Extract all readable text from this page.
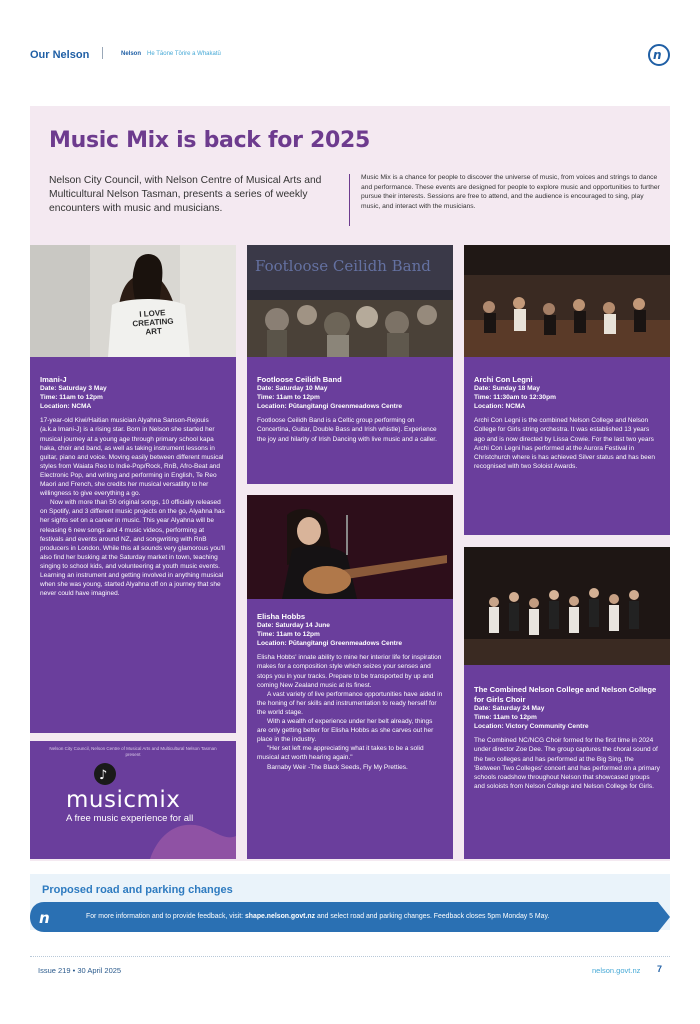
Our Nelson	Nelson He Tāone Tōrire a Whakatū	n
Music Mix is back for 2025

Nelson City Council, with Nelson Centre of Musical Arts and Multicultural Nelson Tasman, presents a series of weekly encounters with music and musicians.

Music Mix is a chance for people to discover the universe of music, from voices and strings to dance and performance. These events are designed for people to explore music and opportunities to further pursue their interests. Sessions are free to attend, and the audience is encouraged to sing, play music, and interact with the musicians.

I LOVE
CREATING
ART
Imani-J
Date: Saturday 3 May
Time: 11am to 12pm
Location: NCMA

17-year-old Kiwi/Haitian musician Alyahna Sanson-Rejouis (a.k.a Imani-J) is a rising star. Born in Nelson she started her musical journey at a young age through primary school kapa haka, choir and band, as well as taking instrument lessons in guitar, piano and voice. Moving easily between different musical styles from Waiata Reo to Indie-Pop/Rock, RnB, Afro-Beat and Electronic Pop, and writing and performing in English, Te Reo Maori and French, she credits her musical versatility to her willingness to give everything a go.

Now with more than 50 original songs, 10 officially released on Spotify, and 3 different music projects on the go, Alyahna has her sights set on a career in music. This year Alyahna will be releasing 6 new songs and 4 music videos, performing at festivals and events around NZ, and songwriting with RnB producers in London. While this all sounds very glamorous you'll also find her busking at the Saturday market in town, teaching singing to school kids, and volunteering at youth music events. Learning an instrument and getting involved in anything musical when she was young, started Alyahna off on a journey that she never could have imagined.

Footloose Ceilidh Band
Footloose Ceilidh Band
Date: Saturday 10 May
Time: 11am to 12pm
Location: Pūtangitangi Greenmeadows Centre
Footloose Ceilidh Band is a Celtic group performing on Concertina, Guitar, Double Bass and Irish whistle). Experience the joy and hilarity of Irish Dancing with live music and a caller.
Archi Con Legni
Date: Sunday 18 May
Time: 11:30am to 12:30pm
Location: NCMA
Archi Con Legni is the combined Nelson College and Nelson College for Girls string orchestra. It was established 13 years ago and is now directed by Lissa Cowie. For the last two years Archi Con Legni has performed at the Aurora Festival in Christchurch where is has achieved Silver status and has been recognised with two Soloist Awards.
Elisha Hobbs
Date: Saturday 14 June
Time: 11am to 12pm
Location: Pūtangitangi Greenmeadows Centre

Elisha Hobbs' innate ability to mine her interior life for inspiration makes for a composition style which seizes your senses and stops you in your tracks. Prepare to be transported by up and coming New Zealand music at its finest.

A vast variety of live performance opportunities have aided in the honing of her skills and instrumentation to ready herself for the world stage.

With a wealth of experience under her belt already, things are only getting better for Elisha Hobbs as she carves out her place in the industry.

"Her set left me appreciating what it takes to be a solid musical act worth hearing again."

Barnaby Weir -The Black Seeds, Fly My Pretties.

The Combined Nelson College and Nelson College for Girls Choir
Date: Saturday 24 May
Time: 11am to 12pm
Location: Victory Community Centre
The Combined NC/NCG Choir formed for the first time in 2024 under director Zoe Dee. The group captures the choral sound of the two colleges and has performed at the Big Sing, the 'Between Two Colleges' concert and has performed on a primary schools roadshow throughout Nelson that showcased groups and soloists from Nelson College and Nelson College for Girls.
♪
Nelson City Council, Nelson Centre of Musical Arts and Multicultural Nelson Tasman present
musicmix
A free music experience for all
Proposed road and parking changes
n	For more information and to provide feedback, visit: shape.nelson.govt.nz and select road and parking changes. Feedback closes 5pm Monday 5 May.
Issue 219 • 30 April 2025	nelson.govt.nz 7
